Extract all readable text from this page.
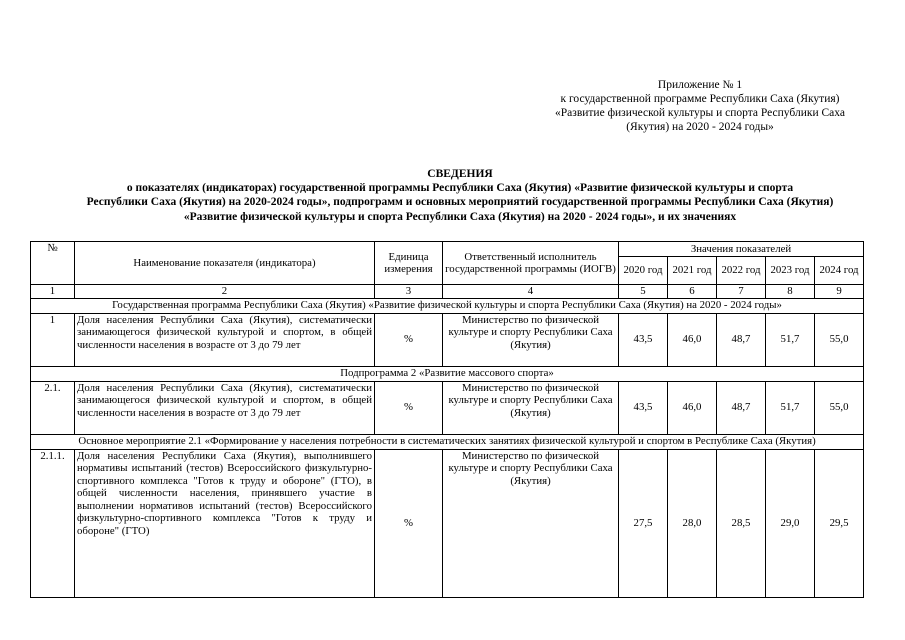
Приложение № 1
к государственной программе Республики Саха (Якутия)
«Развитие физической культуры и спорта Республики Саха
(Якутия) на 2020 - 2024 годы»
СВЕДЕНИЯ
о показателях (индикаторах) государственной программы Республики Саха (Якутия) «Развитие физической культуры и спорта
Республики Саха (Якутия) на 2020-2024 годы», подпрограмм и основных мероприятий государственной программы Республики Саха (Якутия)
«Развитие физической культуры и спорта Республики Саха (Якутия) на 2020 - 2024 годы», и их значениях
№	Наименование показателя (индикатора)	Единица измерения	Ответственный исполнитель государственной программы (ИОГВ)	Значения показателей				
				2020 год	2021 год	2022 год	2023 год	2024 год
1	2	3	4	5	6	7	8	9
Государственная программа Республики Саха (Якутия) «Развитие физической культуры и спорта Республики Саха (Якутия) на 2020 - 2024 годы»								
1	Доля населения Республики Саха (Якутия), систематически занимающегося физической культурой и спортом, в общей численности населения в возрасте от 3 до 79 лет	%	Министерство по физической культуре и спорту Республики Саха (Якутия)	43,5	46,0	48,7	51,7	55,0
Подпрограмма 2 «Развитие массового спорта»								
2.1.	Доля населения Республики Саха (Якутия), систематически занимающегося физической культурой и спортом, в общей численности населения в возрасте от 3 до 79 лет	%	Министерство по физической культуре и спорту Республики Саха (Якутия)	43,5	46,0	48,7	51,7	55,0
Основное мероприятие 2.1 «Формирование у населения потребности в систематических занятиях физической культурой и спортом в Республике Саха (Якутия)								
2.1.1.	Доля населения Республики Саха (Якутия), выполнившего нормативы испытаний (тестов) Всероссийского физкультурно-спортивного комплекса "Готов к труду и обороне" (ГТО), в общей численности населения, принявшего участие в выполнении нормативов испытаний (тестов) Всероссийского физкультурно-спортивного комплекса "Готов к труду и обороне" (ГТО)	%	Министерство по физической культуре и спорту Республики Саха (Якутия)	27,5	28,0	28,5	29,0	29,5
